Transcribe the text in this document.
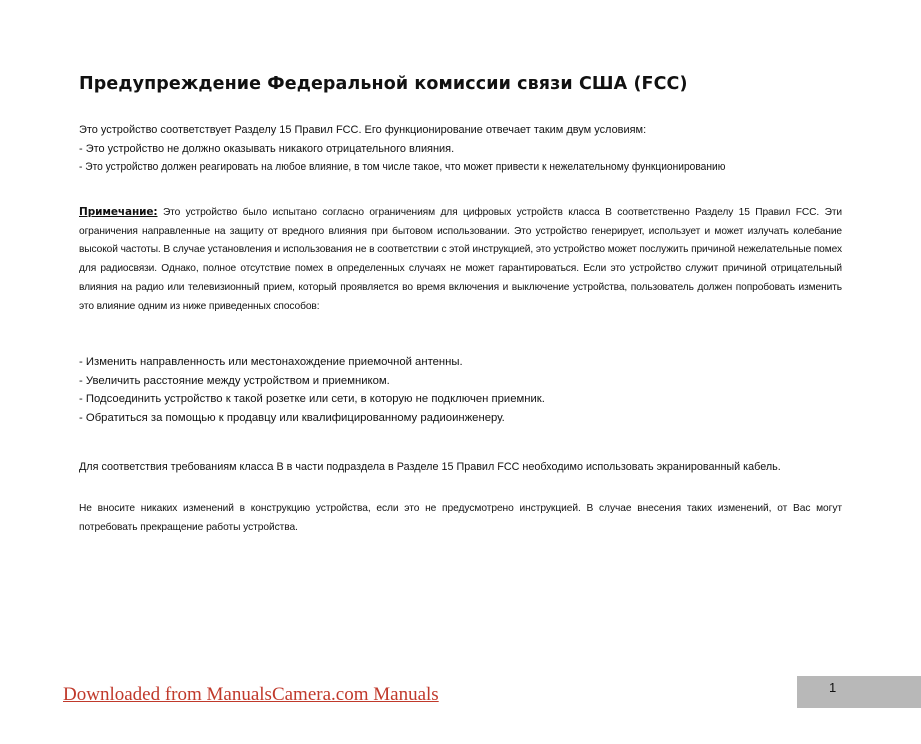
Предупреждение Федеральной комиссии связи США (FCC)
Это устройство соответствует Разделу 15 Правил FCC. Его функционирование отвечает таким двум условиям:
- Это устройство не должно оказывать никакого отрицательного влияния.
- Это устройство должен реагировать на любое влияние, в том числе такое, что может привести к нежелательному функционированию
Примечание: Это устройство было испытано согласно ограничениям для цифровых устройств класса B соответственно Разделу 15 Правил FCC. Эти ограничения направленные на защиту от вредного влияния при бытовом использовании. Это устройство генерирует, использует и может излучать колебание высокой частоты. В случае установления и использования не в соответствии с этой инструкцией, это устройство может послужить причиной нежелательные помех для радиосвязи. Однако, полное отсутствие помех в определенных случаях не может гарантироваться. Если это устройство служит причиной отрицательный влияния на радио или телевизионный прием, который проявляется во время включения и выключение устройства, пользователь должен попробовать изменить это влияние одним из ниже приведенных способов:
- Изменить направленность или местонахождение приемочной антенны.
- Увеличить расстояние между устройством и приемником.
- Подсоединить устройство к такой розетке или сети, в которую не подключен приемник.
- Обратиться за помощью к продавцу или квалифицированному радиоинженеру.
Для соответствия требованиям класса B в части подраздела в Разделе 15 Правил FCC необходимо использовать экранированный кабель.
Не вносите никаких изменений в конструкцию устройства, если это не предусмотрено инструкцией. В случае внесения таких изменений, от Вас могут потребовать прекращение работы устройства.
Downloaded from ManualsCamera.com Manuals	1
